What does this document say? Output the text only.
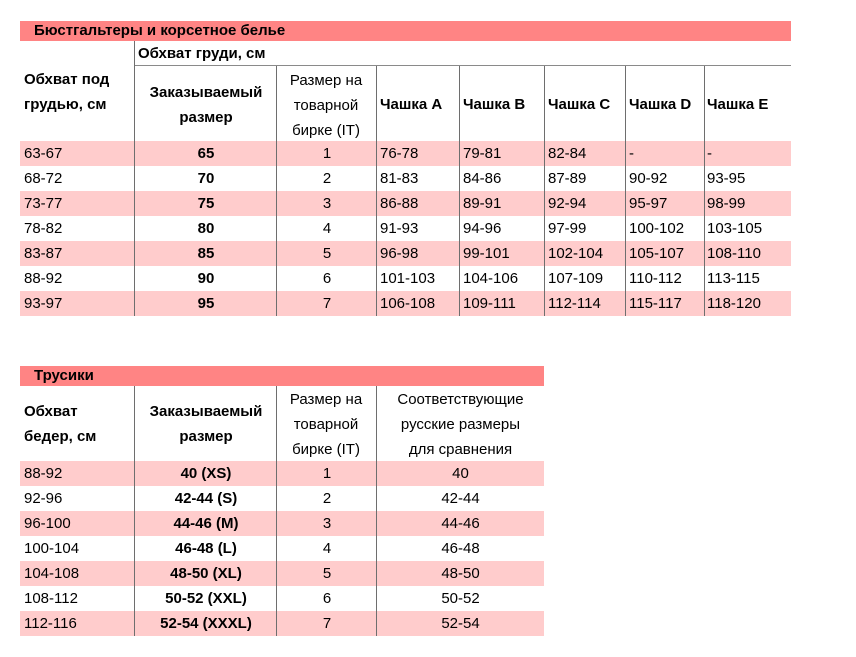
Бюстгальтеры и корсетное белье
Обхват под
грудью, см
Обхват груди, см
Заказываемый
размер
Размер на
товарной
бирке (IT)
Чашка A Чашка B Чашка C Чашка D Чашка E
63-67	65	1	76-78	79-81	82-84	-	-
68-72	70	2	81-83	84-86	87-89	90-92	93-95
73-77	75	3	86-88	89-91	92-94	95-97	98-99
78-82	80	4	91-93	94-96	97-99	100-102 103-105
83-87	85	5	96-98	99-101	102-104 105-107 108-110
88-92	90	6	101-103 104-106 107-109 110-112 113-115
93-97	95	7	106-108 109-111 112-114 115-117 118-120
Трусики
Обхват
бедер, см
Заказываемый
размер
Размер на
товарной
бирке (IT)
Соответствующие
русские размеры
для сравнения
88-92	40 (XS)	1	40
92-96	42-44 (S)	2	42-44
96-100	44-46 (M)	3	44-46
100-104	46-48 (L)	4	46-48
104-108	48-50 (XL)	5	48-50
108-112	50-52 (XXL)	6	50-52
112-116	52-54 (XXXL)	7	52-54
